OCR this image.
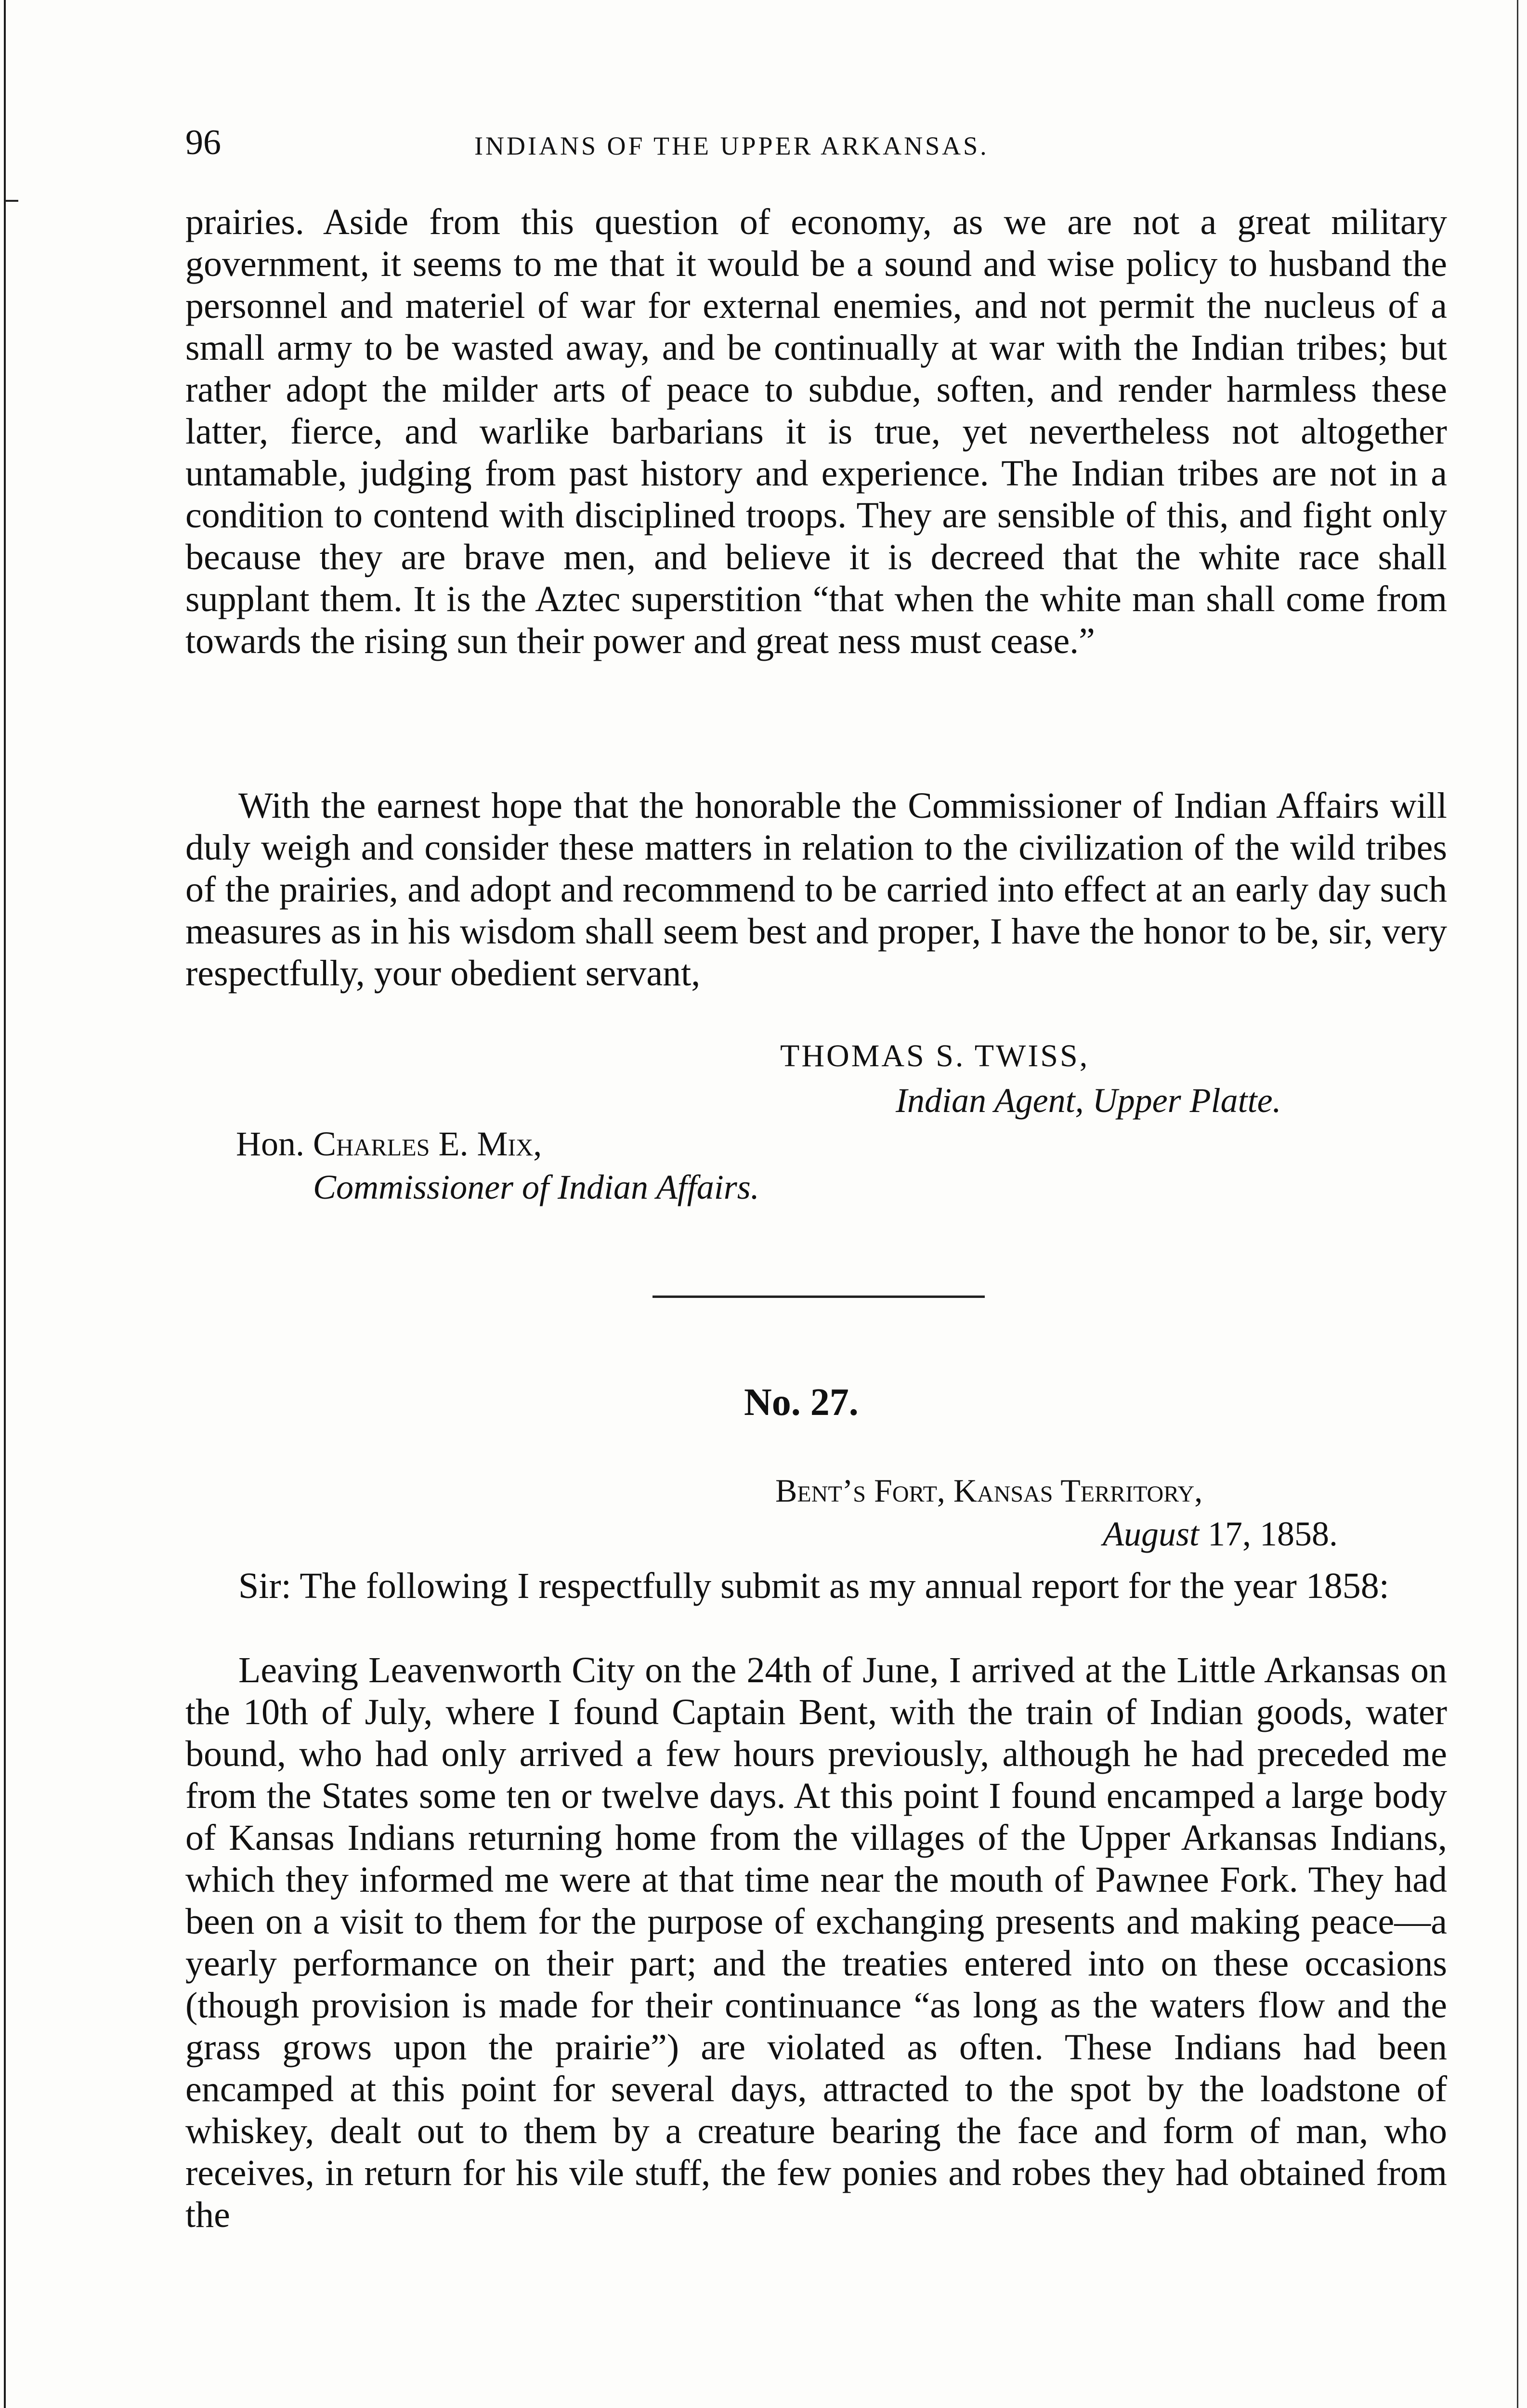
96	INDIANS OF THE UPPER ARKANSAS.

prairies. Aside from this question of economy, as we are not a great military government, it seems to me that it would be a sound and wise policy to husband the personnel and materiel of war for external enemies, and not permit the nucleus of a small army to be wasted away, and be continually at war with the Indian tribes; but rather adopt the milder arts of peace to subdue, soften, and render harmless these latter, fierce, and warlike barbarians it is true, yet nevertheless not altogether untamable, judging from past history and experience. The Indian tribes are not in a condition to contend with disciplined troops. They are sensible of this, and fight only because they are brave men, and believe it is decreed that the white race shall supplant them. It is the Aztec superstition “that when the white man shall come from towards the rising sun their power and great ness must cease.”

With the earnest hope that the honorable the Commissioner of Indian Affairs will duly weigh and consider these matters in relation to the civilization of the wild tribes of the prairies, and adopt and recommend to be carried into effect at an early day such measures as in his wisdom shall seem best and proper, I have the honor to be, sir, very respectfully, your obedient servant,

THOMAS S. TWISS,
Indian Agent, Upper Platte.
Hon. Charles E. Mix,
Commissioner of Indian Affairs.
No. 27.
Bent’s Fort, Kansas Territory,
August 17, 1858.

Sir: The following I respectfully submit as my annual report for the year 1858:

Leaving Leavenworth City on the 24th of June, I arrived at the Little Arkansas on the 10th of July, where I found Captain Bent, with the train of Indian goods, water bound, who had only arrived a few hours previously, although he had preceded me from the States some ten or twelve days. At this point I found encamped a large body of Kansas Indians returning home from the villages of the Upper Arkansas Indians, which they informed me were at that time near the mouth of Pawnee Fork. They had been on a visit to them for the purpose of exchanging presents and making peace—a yearly performance on their part; and the treaties entered into on these occasions (though provision is made for their continuance “as long as the waters flow and the grass grows upon the prairie”) are violated as often. These Indians had been encamped at this point for several days, attracted to the spot by the loadstone of whiskey, dealt out to them by a creature bearing the face and form of man, who receives, in return for his vile stuff, the few ponies and robes they had obtained from the
